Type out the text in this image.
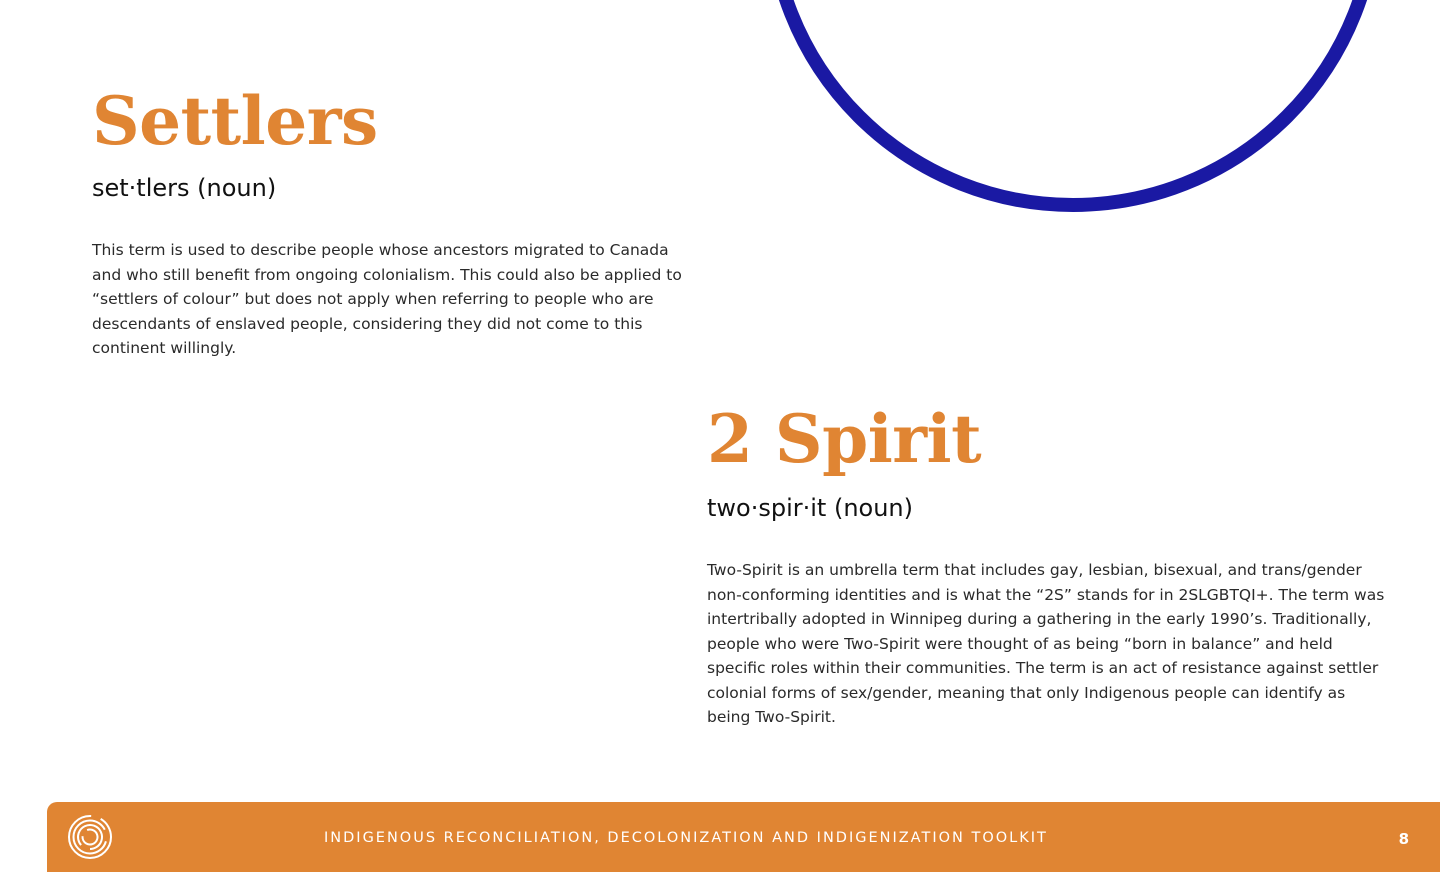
Settlers

set·tlers (noun)

This term is used to describe people whose ancestors migrated to Canada and who still benefit from ongoing colonialism. This could also be applied to “settlers of colour” but does not apply when referring to people who are descendants of enslaved people, considering they did not come to this continent willingly.

2 Spirit

two·spir·it (noun)

Two-Spirit is an umbrella term that includes gay, lesbian, bisexual, and trans/gender non-conforming identities and is what the “2S” stands for in 2SLGBTQI+. The term was intertribally adopted in Winnipeg during a gathering in the early 1990’s. Traditionally, people who were Two-Spirit were thought of as being “born in balance” and held specific roles within their communities. The term is an act of resistance against settler colonial forms of sex/gender, meaning that only Indigenous people can identify as being Two-Spirit.

INDIGENOUS RECONCILIATION, DECOLONIZATION AND INDIGENIZATION TOOLKIT	8
